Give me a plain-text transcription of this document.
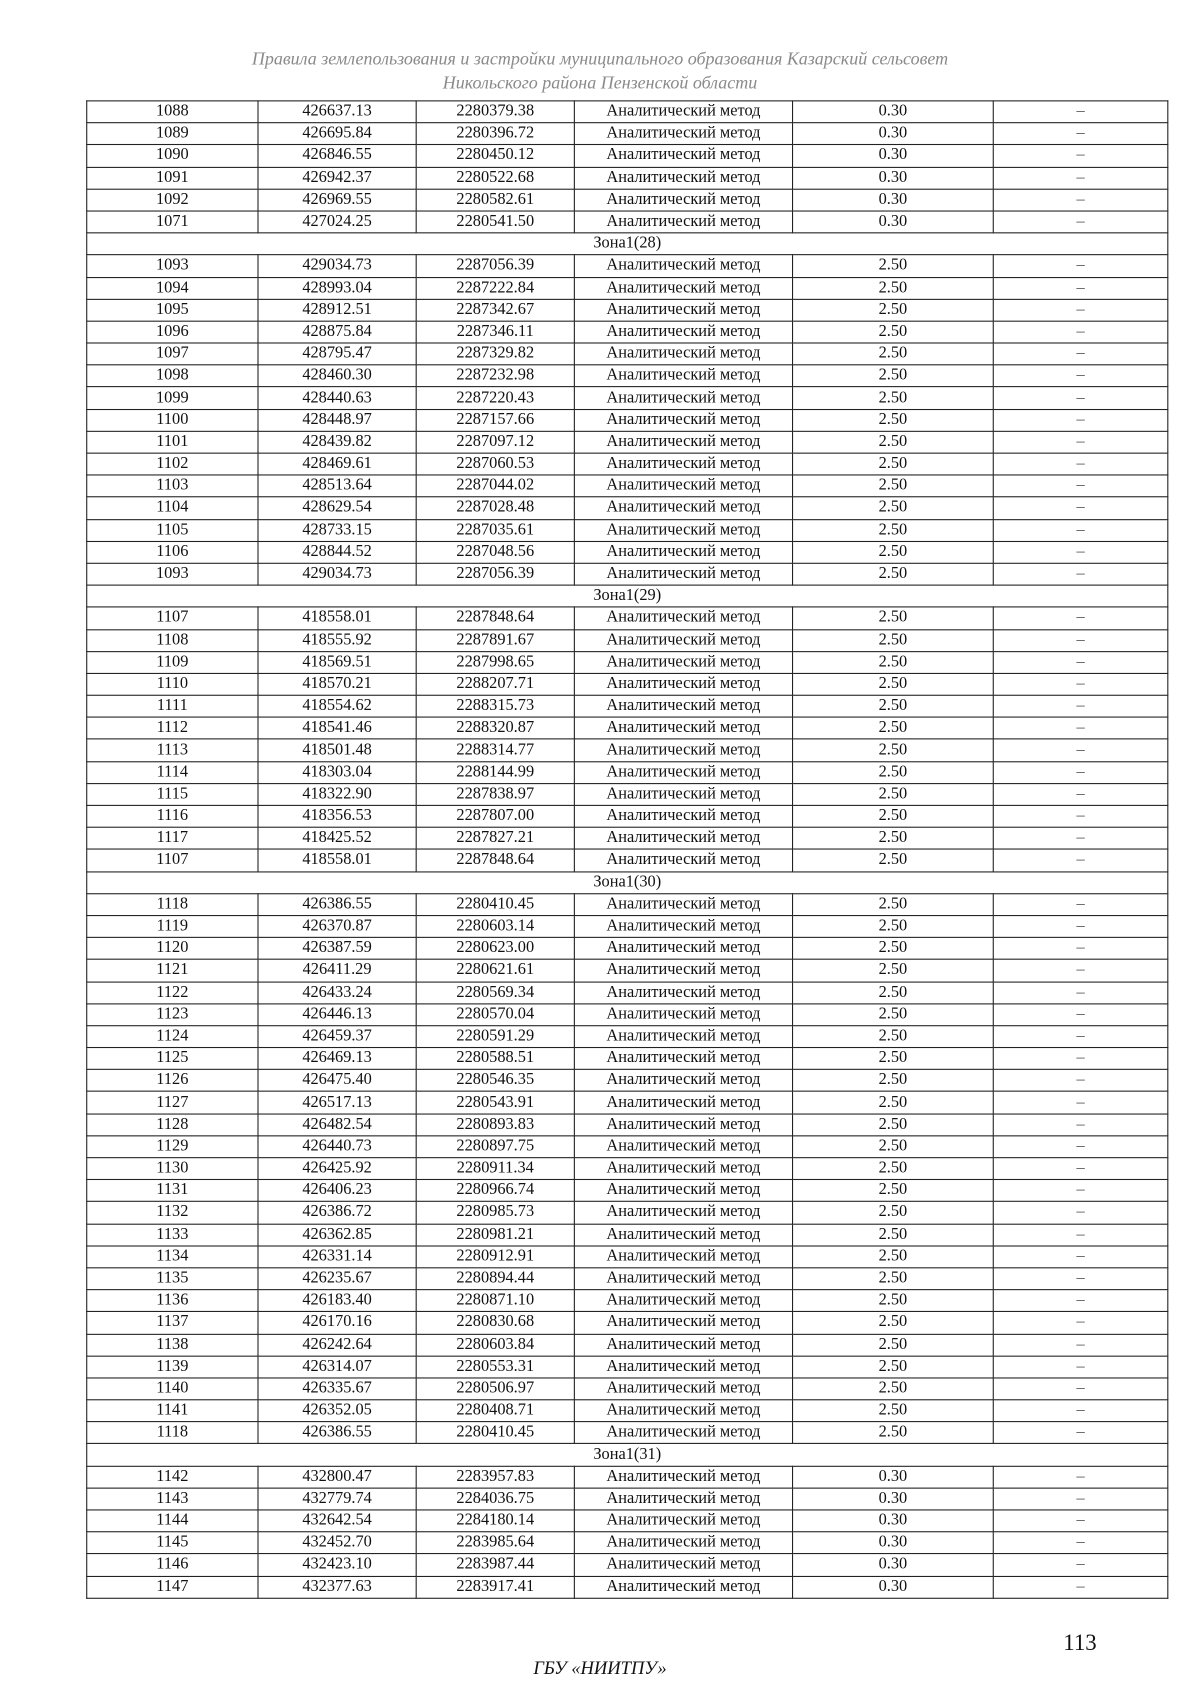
Правила землепользования и застройки муниципального образования Казарский сельсовет
Никольского района Пензенской области
1088	426637.13	2280379.38	Аналитический метод	0.30	–
1089	426695.84	2280396.72	Аналитический метод	0.30	–
1090	426846.55	2280450.12	Аналитический метод	0.30	–
1091	426942.37	2280522.68	Аналитический метод	0.30	–
1092	426969.55	2280582.61	Аналитический метод	0.30	–
1071	427024.25	2280541.50	Аналитический метод	0.30	–
Зона1(28)					
1093	429034.73	2287056.39	Аналитический метод	2.50	–
1094	428993.04	2287222.84	Аналитический метод	2.50	–
1095	428912.51	2287342.67	Аналитический метод	2.50	–
1096	428875.84	2287346.11	Аналитический метод	2.50	–
1097	428795.47	2287329.82	Аналитический метод	2.50	–
1098	428460.30	2287232.98	Аналитический метод	2.50	–
1099	428440.63	2287220.43	Аналитический метод	2.50	–
1100	428448.97	2287157.66	Аналитический метод	2.50	–
1101	428439.82	2287097.12	Аналитический метод	2.50	–
1102	428469.61	2287060.53	Аналитический метод	2.50	–
1103	428513.64	2287044.02	Аналитический метод	2.50	–
1104	428629.54	2287028.48	Аналитический метод	2.50	–
1105	428733.15	2287035.61	Аналитический метод	2.50	–
1106	428844.52	2287048.56	Аналитический метод	2.50	–
1093	429034.73	2287056.39	Аналитический метод	2.50	–
Зона1(29)					
1107	418558.01	2287848.64	Аналитический метод	2.50	–
1108	418555.92	2287891.67	Аналитический метод	2.50	–
1109	418569.51	2287998.65	Аналитический метод	2.50	–
1110	418570.21	2288207.71	Аналитический метод	2.50	–
1111	418554.62	2288315.73	Аналитический метод	2.50	–
1112	418541.46	2288320.87	Аналитический метод	2.50	–
1113	418501.48	2288314.77	Аналитический метод	2.50	–
1114	418303.04	2288144.99	Аналитический метод	2.50	–
1115	418322.90	2287838.97	Аналитический метод	2.50	–
1116	418356.53	2287807.00	Аналитический метод	2.50	–
1117	418425.52	2287827.21	Аналитический метод	2.50	–
1107	418558.01	2287848.64	Аналитический метод	2.50	–
Зона1(30)					
1118	426386.55	2280410.45	Аналитический метод	2.50	–
1119	426370.87	2280603.14	Аналитический метод	2.50	–
1120	426387.59	2280623.00	Аналитический метод	2.50	–
1121	426411.29	2280621.61	Аналитический метод	2.50	–
1122	426433.24	2280569.34	Аналитический метод	2.50	–
1123	426446.13	2280570.04	Аналитический метод	2.50	–
1124	426459.37	2280591.29	Аналитический метод	2.50	–
1125	426469.13	2280588.51	Аналитический метод	2.50	–
1126	426475.40	2280546.35	Аналитический метод	2.50	–
1127	426517.13	2280543.91	Аналитический метод	2.50	–
1128	426482.54	2280893.83	Аналитический метод	2.50	–
1129	426440.73	2280897.75	Аналитический метод	2.50	–
1130	426425.92	2280911.34	Аналитический метод	2.50	–
1131	426406.23	2280966.74	Аналитический метод	2.50	–
1132	426386.72	2280985.73	Аналитический метод	2.50	–
1133	426362.85	2280981.21	Аналитический метод	2.50	–
1134	426331.14	2280912.91	Аналитический метод	2.50	–
1135	426235.67	2280894.44	Аналитический метод	2.50	–
1136	426183.40	2280871.10	Аналитический метод	2.50	–
1137	426170.16	2280830.68	Аналитический метод	2.50	–
1138	426242.64	2280603.84	Аналитический метод	2.50	–
1139	426314.07	2280553.31	Аналитический метод	2.50	–
1140	426335.67	2280506.97	Аналитический метод	2.50	–
1141	426352.05	2280408.71	Аналитический метод	2.50	–
1118	426386.55	2280410.45	Аналитический метод	2.50	–
Зона1(31)					
1142	432800.47	2283957.83	Аналитический метод	0.30	–
1143	432779.74	2284036.75	Аналитический метод	0.30	–
1144	432642.54	2284180.14	Аналитический метод	0.30	–
1145	432452.70	2283985.64	Аналитический метод	0.30	–
1146	432423.10	2283987.44	Аналитический метод	0.30	–
1147	432377.63	2283917.41	Аналитический метод	0.30	–
113
ГБУ «НИИТПУ»
